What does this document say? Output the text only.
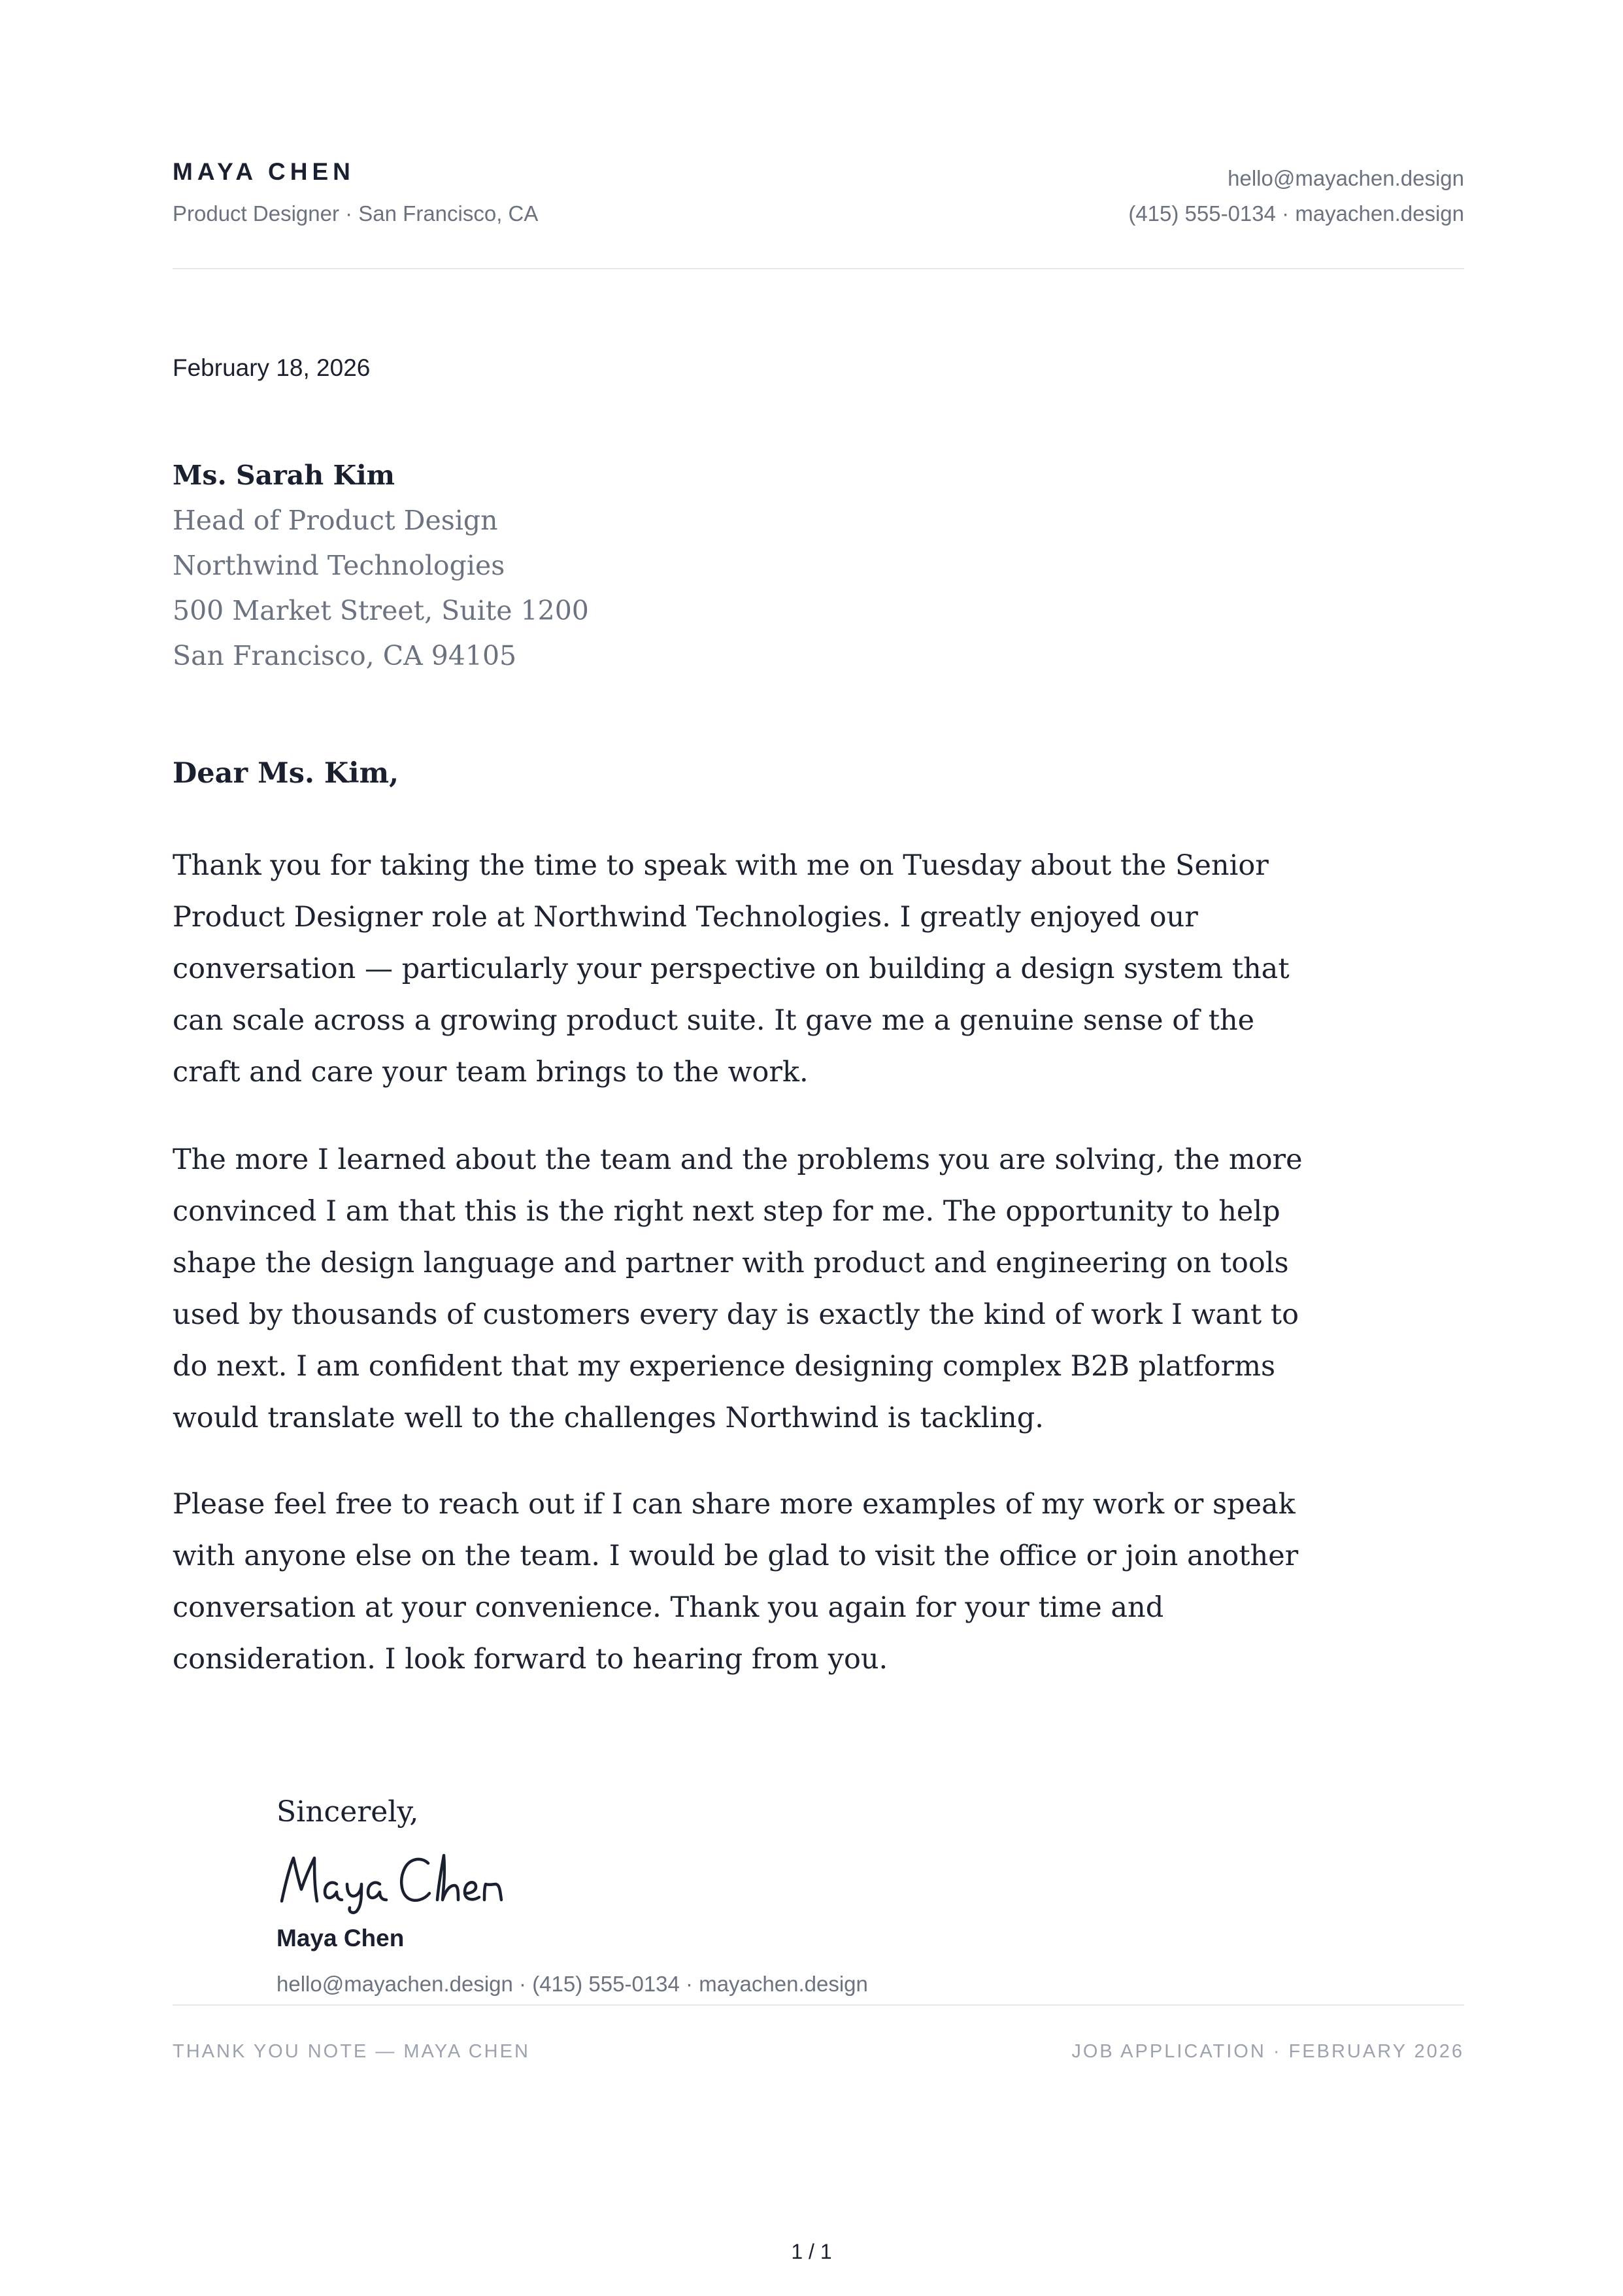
MAYA CHEN
Product Designer · San Francisco, CA
hello@mayachen.design
(415) 555-0134 · mayachen.design
February 18, 2026
Ms. Sarah Kim
Head of Product Design
Northwind Technologies
500 Market Street, Suite 1200
San Francisco, CA 94105
Dear Ms. Kim,

Thank you for taking the time to speak with me on Tuesday about the Senior Product Designer role at Northwind Technologies. I greatly enjoyed our conversation — particularly your perspective on building a design system that can scale across a growing product suite. It gave me a genuine sense of the craft and care your team brings to the work.

The more I learned about the team and the problems you are solving, the more convinced I am that this is the right next step for me. The opportunity to help shape the design language and partner with product and engineering on tools used by thousands of customers every day is exactly the kind of work I want to do next. I am confident that my experience designing complex B2B platforms would translate well to the challenges Northwind is tackling.

Please feel free to reach out if I can share more examples of my work or speak with anyone else on the team. I would be glad to visit the office or join another conversation at your convenience. Thank you again for your time and consideration. I look forward to hearing from you.

Sincerely,
Maya Chen
hello@mayachen.design · (415) 555-0134 · mayachen.design
THANK YOU NOTE — MAYA CHEN	JOB APPLICATION · FEBRUARY 2026
1 / 1
